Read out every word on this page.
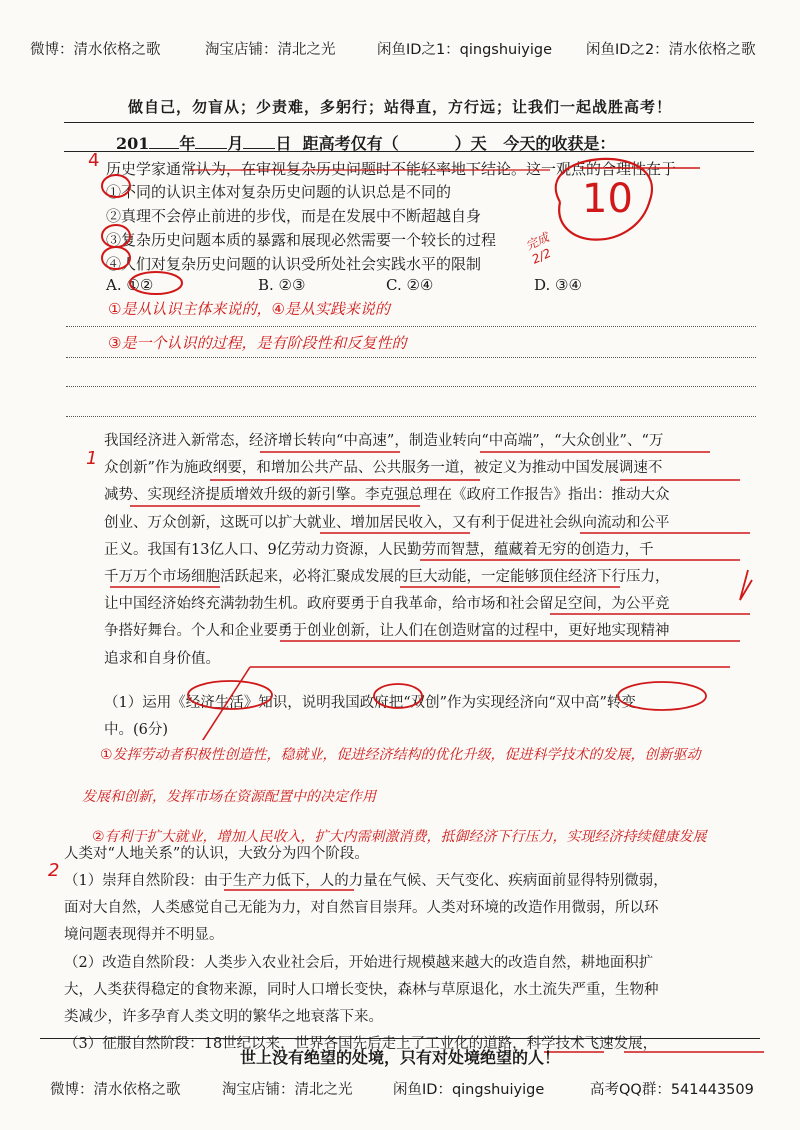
微博：清水依格之歌	淘宝店铺：清北之光	闲鱼ID之1：qingshuiyige 闲鱼ID之2：清水依格之歌
做自己，勿盲从；少责难，多躬行；站得直，方行远；让我们一起战胜高考！
201 年 月 日 距高考仅有（	）天 今天的收获是：
4 历史学家通常认为，在审视复杂历史问题时不能轻率地下结论。这一观点的合理性在于
①不同的认识主体对复杂历史问题的认识总是不同的
②真理不会停止前进的步伐，而是在发展中不断超越自身
③复杂历史问题本质的暴露和展现必然需要一个较长的过程
④人们对复杂历史问题的认识受所处社会实践水平的限制
A. ①②	B. ②③	C. ②④	D. ③④
10
完成
2/2
①是从认识主体来说的，④是从实践来说的
③是一个认识的过程，是有阶段性和反复性的
1
我国经济进入新常态，经济增长转向“中高速”，制造业转向“中高端”，“大众创业”、“万
众创新”作为施政纲要，和增加公共产品、公共服务一道，被定义为推动中国发展调速不
减势、实现经济提质增效升级的新引擎。李克强总理在《政府工作报告》指出：推动大众
创业、万众创新，这既可以扩大就业、增加居民收入，又有利于促进社会纵向流动和公平
正义。我国有13亿人口、9亿劳动力资源，人民勤劳而智慧，蕴藏着无穷的创造力，千
千万万个市场细胞活跃起来，必将汇聚成发展的巨大动能，一定能够顶住经济下行压力，
让中国经济始终充满勃勃生机。政府要勇于自我革命，给市场和社会留足空间，为公平竞
争搭好舞台。个人和企业要勇于创业创新，让人们在创造财富的过程中，更好地实现精神
追求和自身价值。
（1）运用《经济生活》知识，说明我国政府把“双创”作为实现经济向“双中高”转变
中。(6分)
①发挥劳动者积极性创造性，稳就业，促进经济结构的优化升级，促进科学技术的发展，创新驱动
发展和创新，发挥市场在资源配置中的决定作用
②有利于扩大就业，增加人民收入，扩大内需刺激消费，抵御经济下行压力，实现经济持续健康发展
2
人类对“人地关系”的认识，大致分为四个阶段。
（1）崇拜自然阶段：由于生产力低下，人的力量在气候、天气变化、疾病面前显得特别微弱，
面对大自然，人类感觉自己无能为力，对自然盲目崇拜。人类对环境的改造作用微弱，所以环
境问题表现得并不明显。
（2）改造自然阶段：人类步入农业社会后，开始进行规模越来越大的改造自然，耕地面积扩
大，人类获得稳定的食物来源，同时人口增长变快，森林与草原退化，水土流失严重，生物种
类减少，许多孕育人类文明的繁华之地衰落下来。
（3）征服自然阶段：18世纪以来，世界各国先后走上了工业化的道路，科学技术飞速发展，
世上没有绝望的处境，只有对处境绝望的人！
微博：清水依格之歌	淘宝店铺：清北之光	闲鱼ID：qingshuiyige	高考QQ群：541443509
